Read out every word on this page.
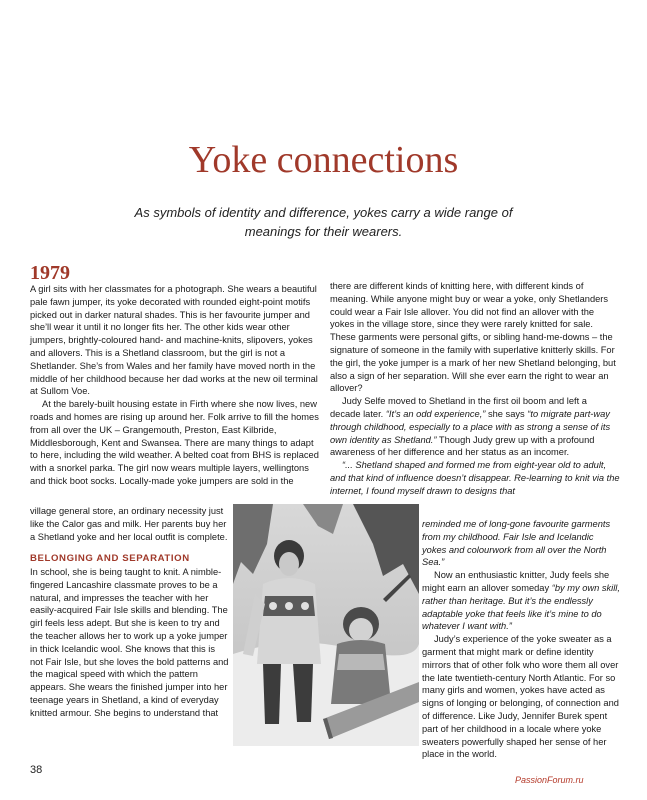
Yoke connections
As symbols of identity and difference, yokes carry a wide range of meanings for their wearers.
1979

A girl sits with her classmates for a photograph. She wears a beautiful pale fawn jumper, its yoke decorated with rounded eight-point motifs picked out in darker natural shades. This is her favourite jumper and she’ll wear it until it no longer fits her. The other kids wear other jumpers, brightly-coloured hand- and machine-knits, slipovers, yokes and allovers. This is a Shetland classroom, but the girl is not a Shetlander. She’s from Wales and her family have moved north in the middle of her childhood because her dad works at the new oil terminal at Sullom Voe.

At the barely-built housing estate in Firth where she now lives, new roads and homes are rising up around her. Folk arrive to fill the homes from all over the UK – Grangemouth, Preston, East Kilbride, Middlesborough, Kent and Swansea. There are many things to adapt to here, including the wild weather. A belted coat from BHS is replaced with a snorkel parka. The girl now wears multiple layers, wellingtons and thick boot socks. Locally-made yoke jumpers are sold in the

village general store, an ordinary necessity just like the Calor gas and milk. Her parents buy her a Shetland yoke and her local outfit is complete.

BELONGING AND SEPARATION

In school, she is being taught to knit. A nimble-fingered Lancashire classmate proves to be a natural, and impresses the teacher with her easily-acquired Fair Isle skills and blending. The girl feels less adept. But she is keen to try and the teacher allows her to work up a yoke jumper in thick Icelandic wool. She knows that this is not Fair Isle, but she loves the bold patterns and the magical speed with which the pattern appears. She wears the finished jumper into her teenage years in Shetland, a kind of everyday knitted armour. She begins to understand that

there are different kinds of knitting here, with different kinds of meaning. While anyone might buy or wear a yoke, only Shetlanders could wear a Fair Isle allover. You did not find an allover with the yokes in the village store, since they were rarely knitted for sale. These garments were personal gifts, or sibling hand-me-downs – the signature of someone in the family with superlative knitterly skills. For the girl, the yoke jumper is a mark of her new Shetland belonging, but also a sign of her separation. Will she ever earn the right to wear an allover?

Judy Selfe moved to Shetland in the first oil boom and left a decade later. “It’s an odd experience,” she says “to migrate part-way through childhood, especially to a place with as strong a sense of its own identity as Shetland.” Though Judy grew up with a profound awareness of her difference and her status as an incomer.

“... Shetland shaped and formed me from eight-year old to adult, and that kind of influence doesn’t disappear. Re-learning to knit via the internet, I found myself drawn to designs that

reminded me of long-gone favourite garments from my childhood. Fair Isle and Icelandic yokes and colourwork from all over the North Sea.”

Now an enthusiastic knitter, Judy feels she might earn an allover someday “by my own skill, rather than heritage. But it’s the endlessly adaptable yoke that feels like it’s mine to do whatever I want with.”

Judy’s experience of the yoke sweater as a garment that might mark or define identity mirrors that of other folk who wore them all over the late twentieth-century North Atlantic. For so many girls and women, yokes have acted as signs of longing or belonging, of connection and of difference. Like Judy, Jennifer Burek spent part of her childhood in a locale where yoke sweaters powerfully shaped her sense of her place in the world.

38
PassionForum.ru
